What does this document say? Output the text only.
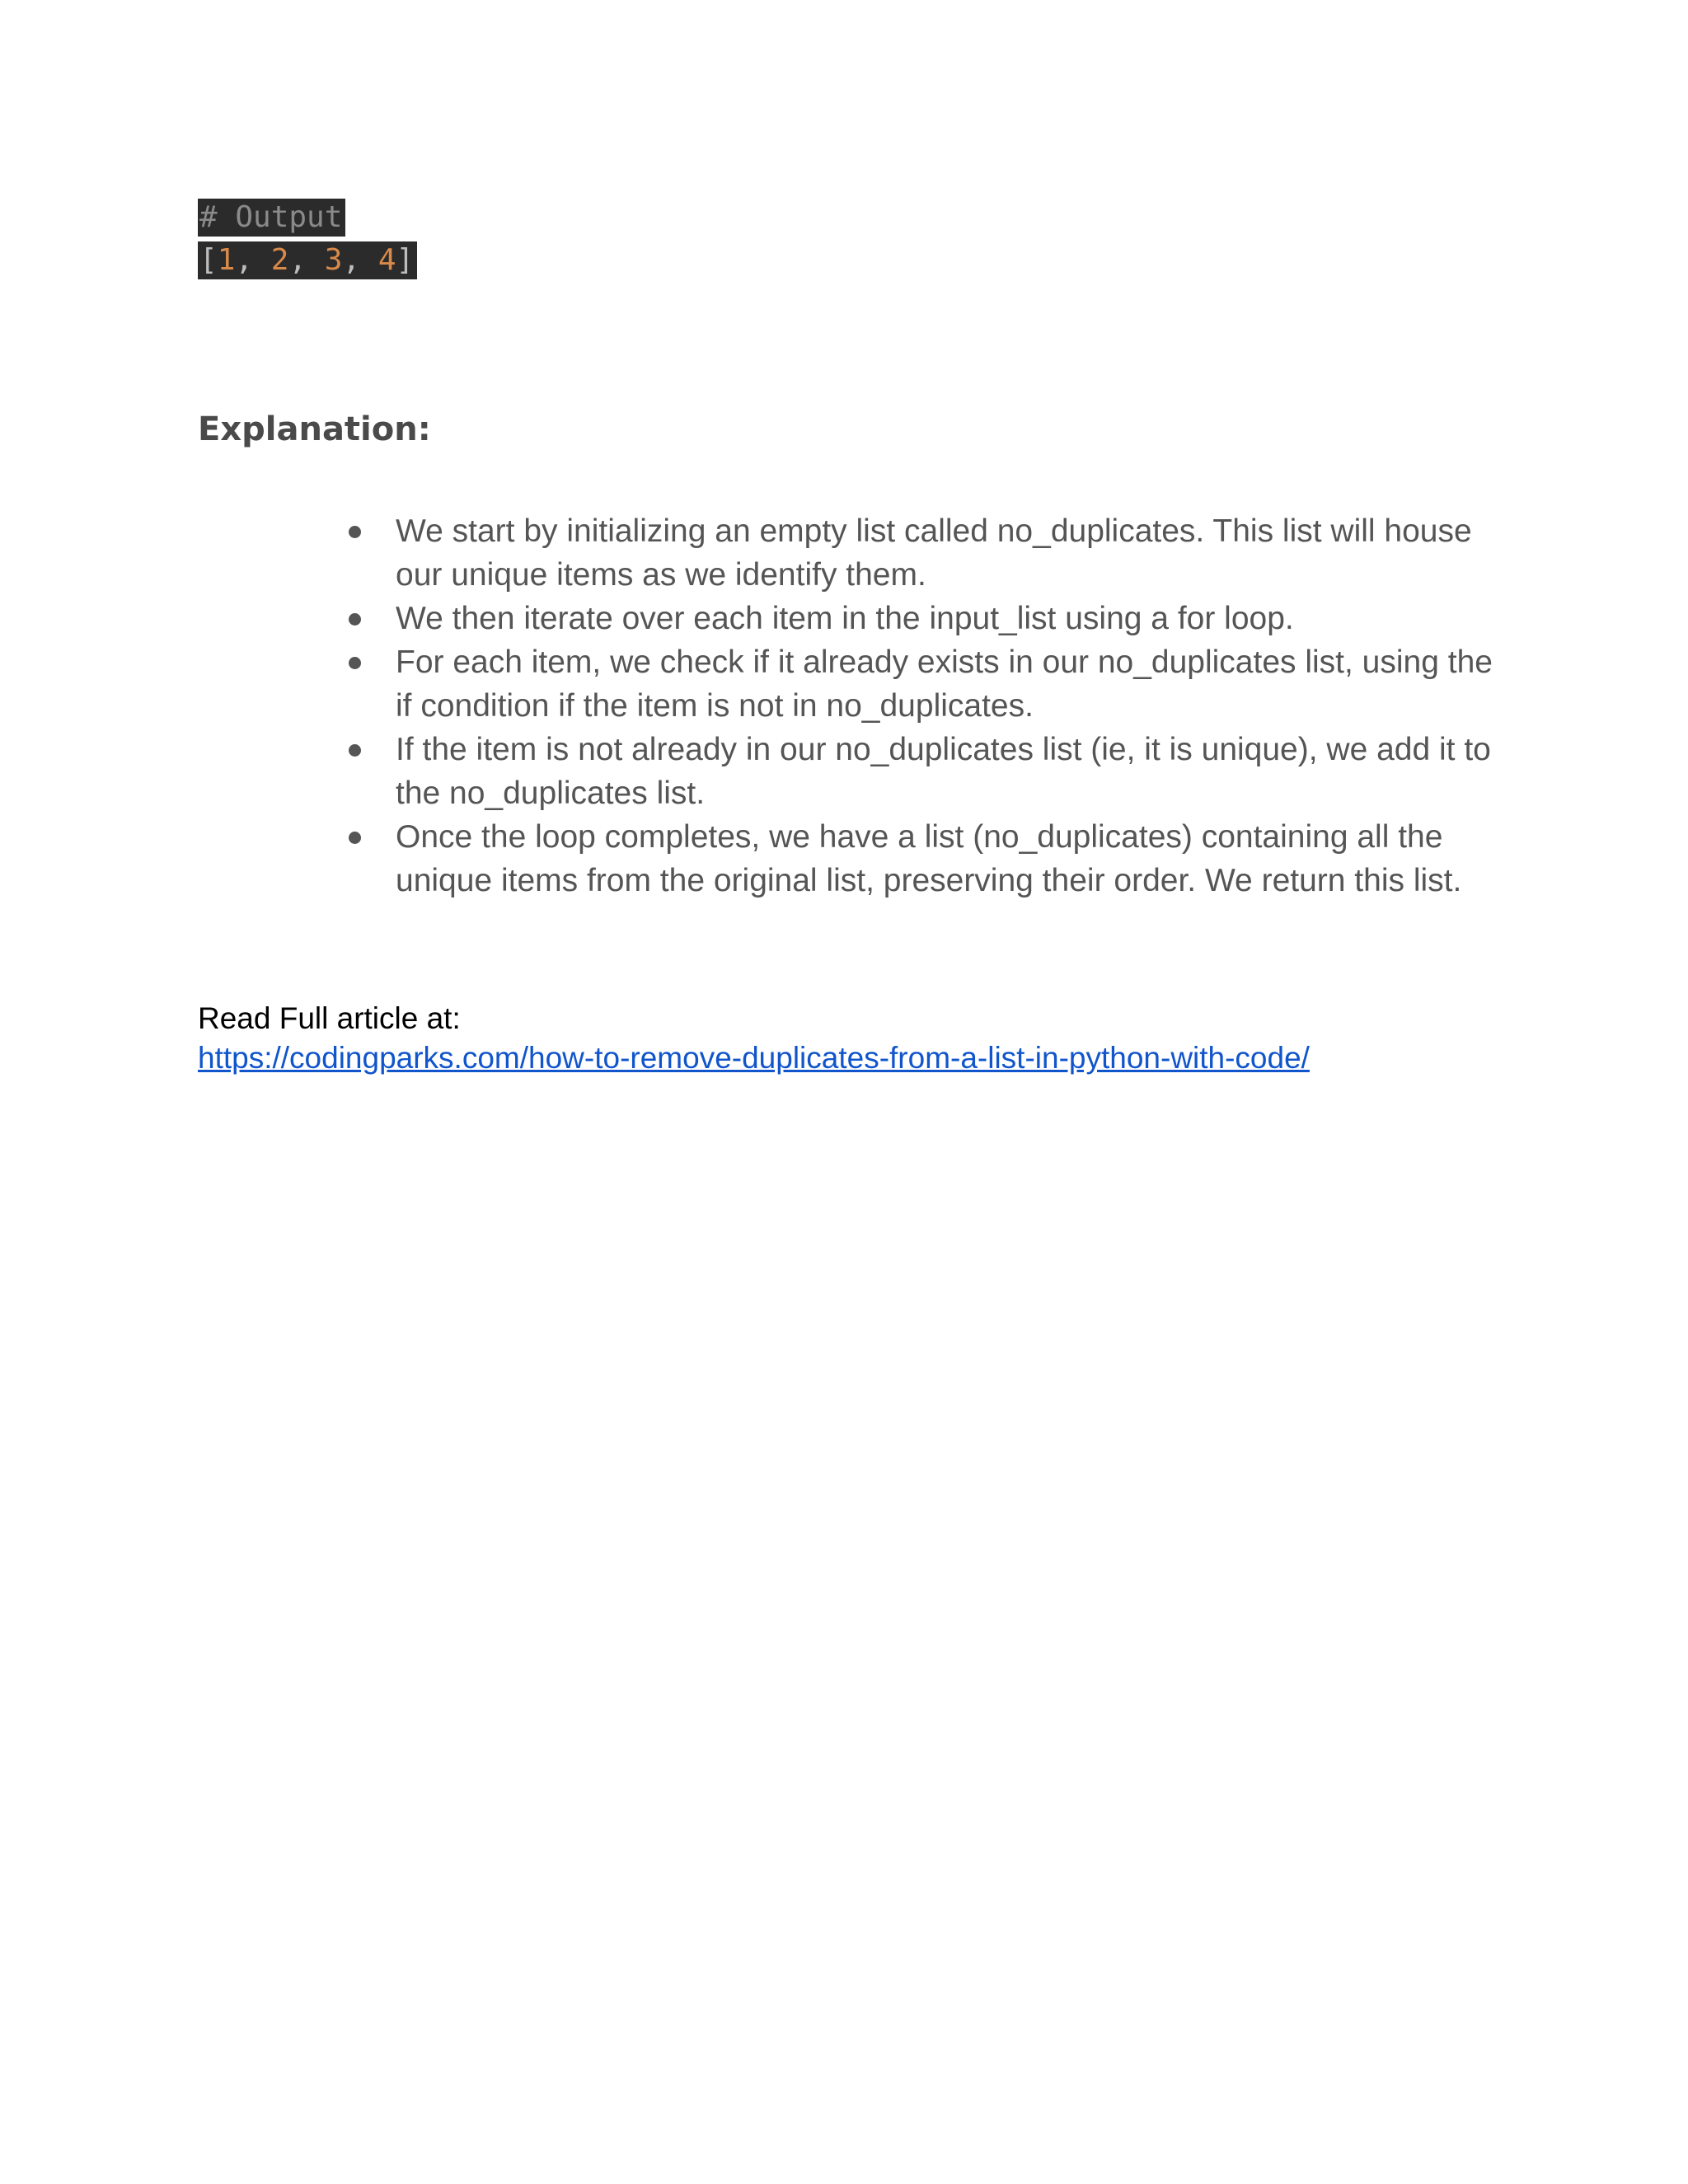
# Output
[1, 2, 3, 4]
Explanation:
We start by initializing an empty list called no_duplicates. This list will house our unique items as we identify them.
We then iterate over each item in the input_list using a for loop.
For each item, we check if it already exists in our no_duplicates list, using the if condition if the item is not in no_duplicates.
If the item is not already in our no_duplicates list (ie, it is unique), we add it to the no_duplicates list.
Once the loop completes, we have a list (no_duplicates) containing all the unique items from the original list, preserving their order. We return this list.
Read Full article at:
https://codingparks.com/how-to-remove-duplicates-from-a-list-in-python-with-code/
